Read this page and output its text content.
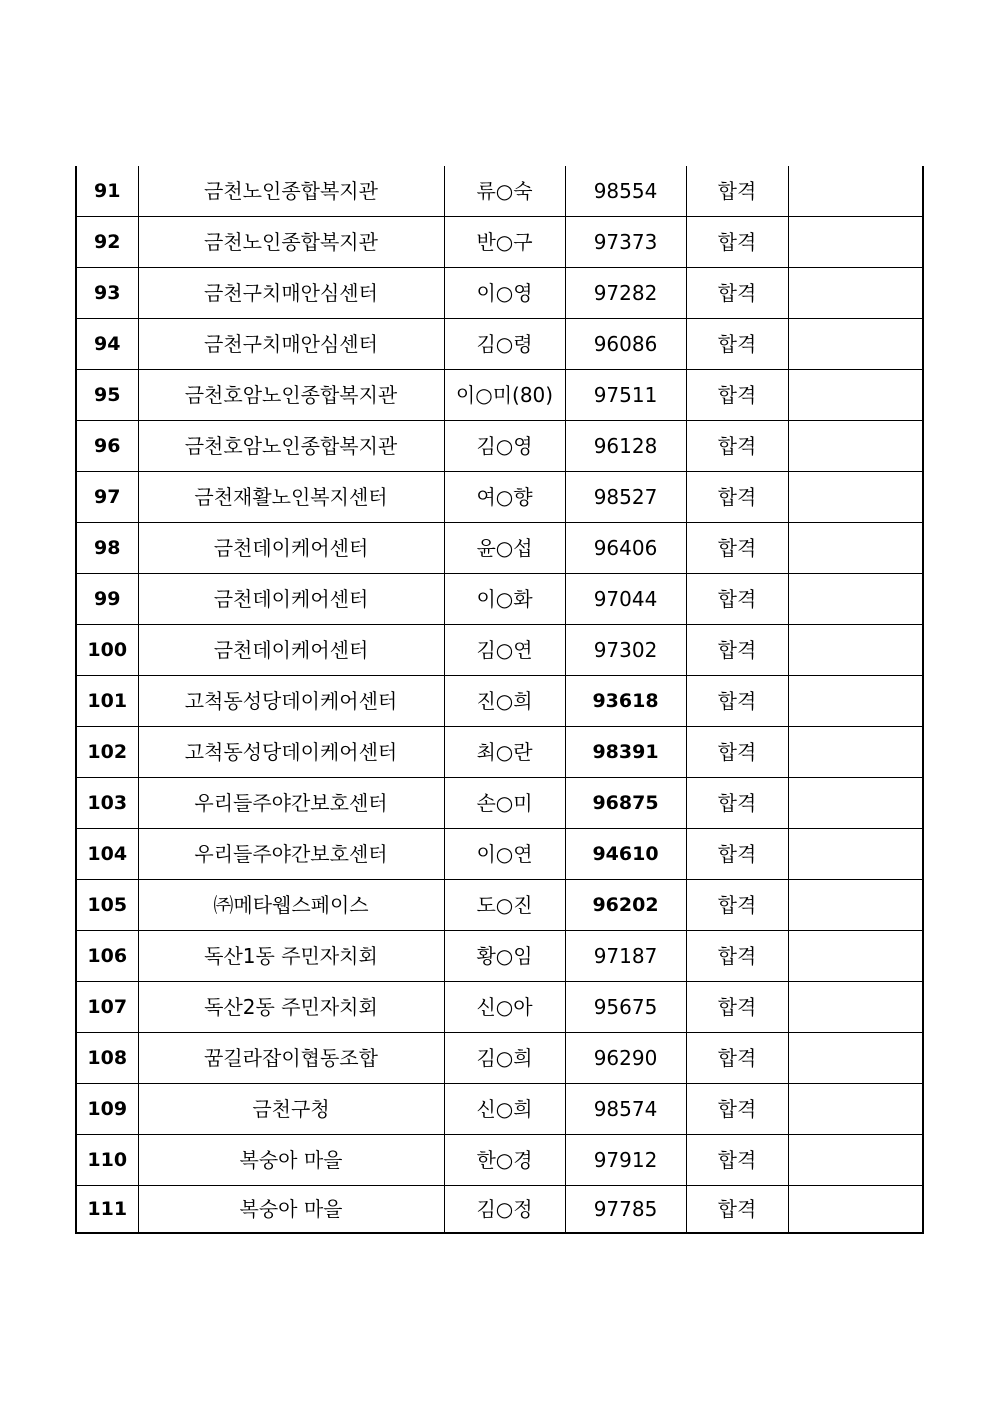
91	금천노인종합복지관	류○숙	98554	합격	
92	금천노인종합복지관	반○구	97373	합격	
93	금천구치매안심센터	이○영	97282	합격	
94	금천구치매안심센터	김○령	96086	합격	
95	금천호암노인종합복지관	이○미(80)	97511	합격	
96	금천호암노인종합복지관	김○영	96128	합격	
97	금천재활노인복지센터	여○향	98527	합격	
98	금천데이케어센터	윤○섭	96406	합격	
99	금천데이케어센터	이○화	97044	합격	
100	금천데이케어센터	김○연	97302	합격	
101	고척동성당데이케어센터	진○희	93618	합격	
102	고척동성당데이케어센터	최○란	98391	합격	
103	우리들주야간보호센터	손○미	96875	합격	
104	우리들주야간보호센터	이○연	94610	합격	
105	㈜메타웹스페이스	도○진	96202	합격	
106	독산1동 주민자치회	황○임	97187	합격	
107	독산2동 주민자치회	신○아	95675	합격	
108	꿈길라잡이협동조합	김○희	96290	합격	
109	금천구청	신○희	98574	합격	
110	복숭아 마을	한○경	97912	합격	
111	복숭아 마을	김○정	97785	합격	
